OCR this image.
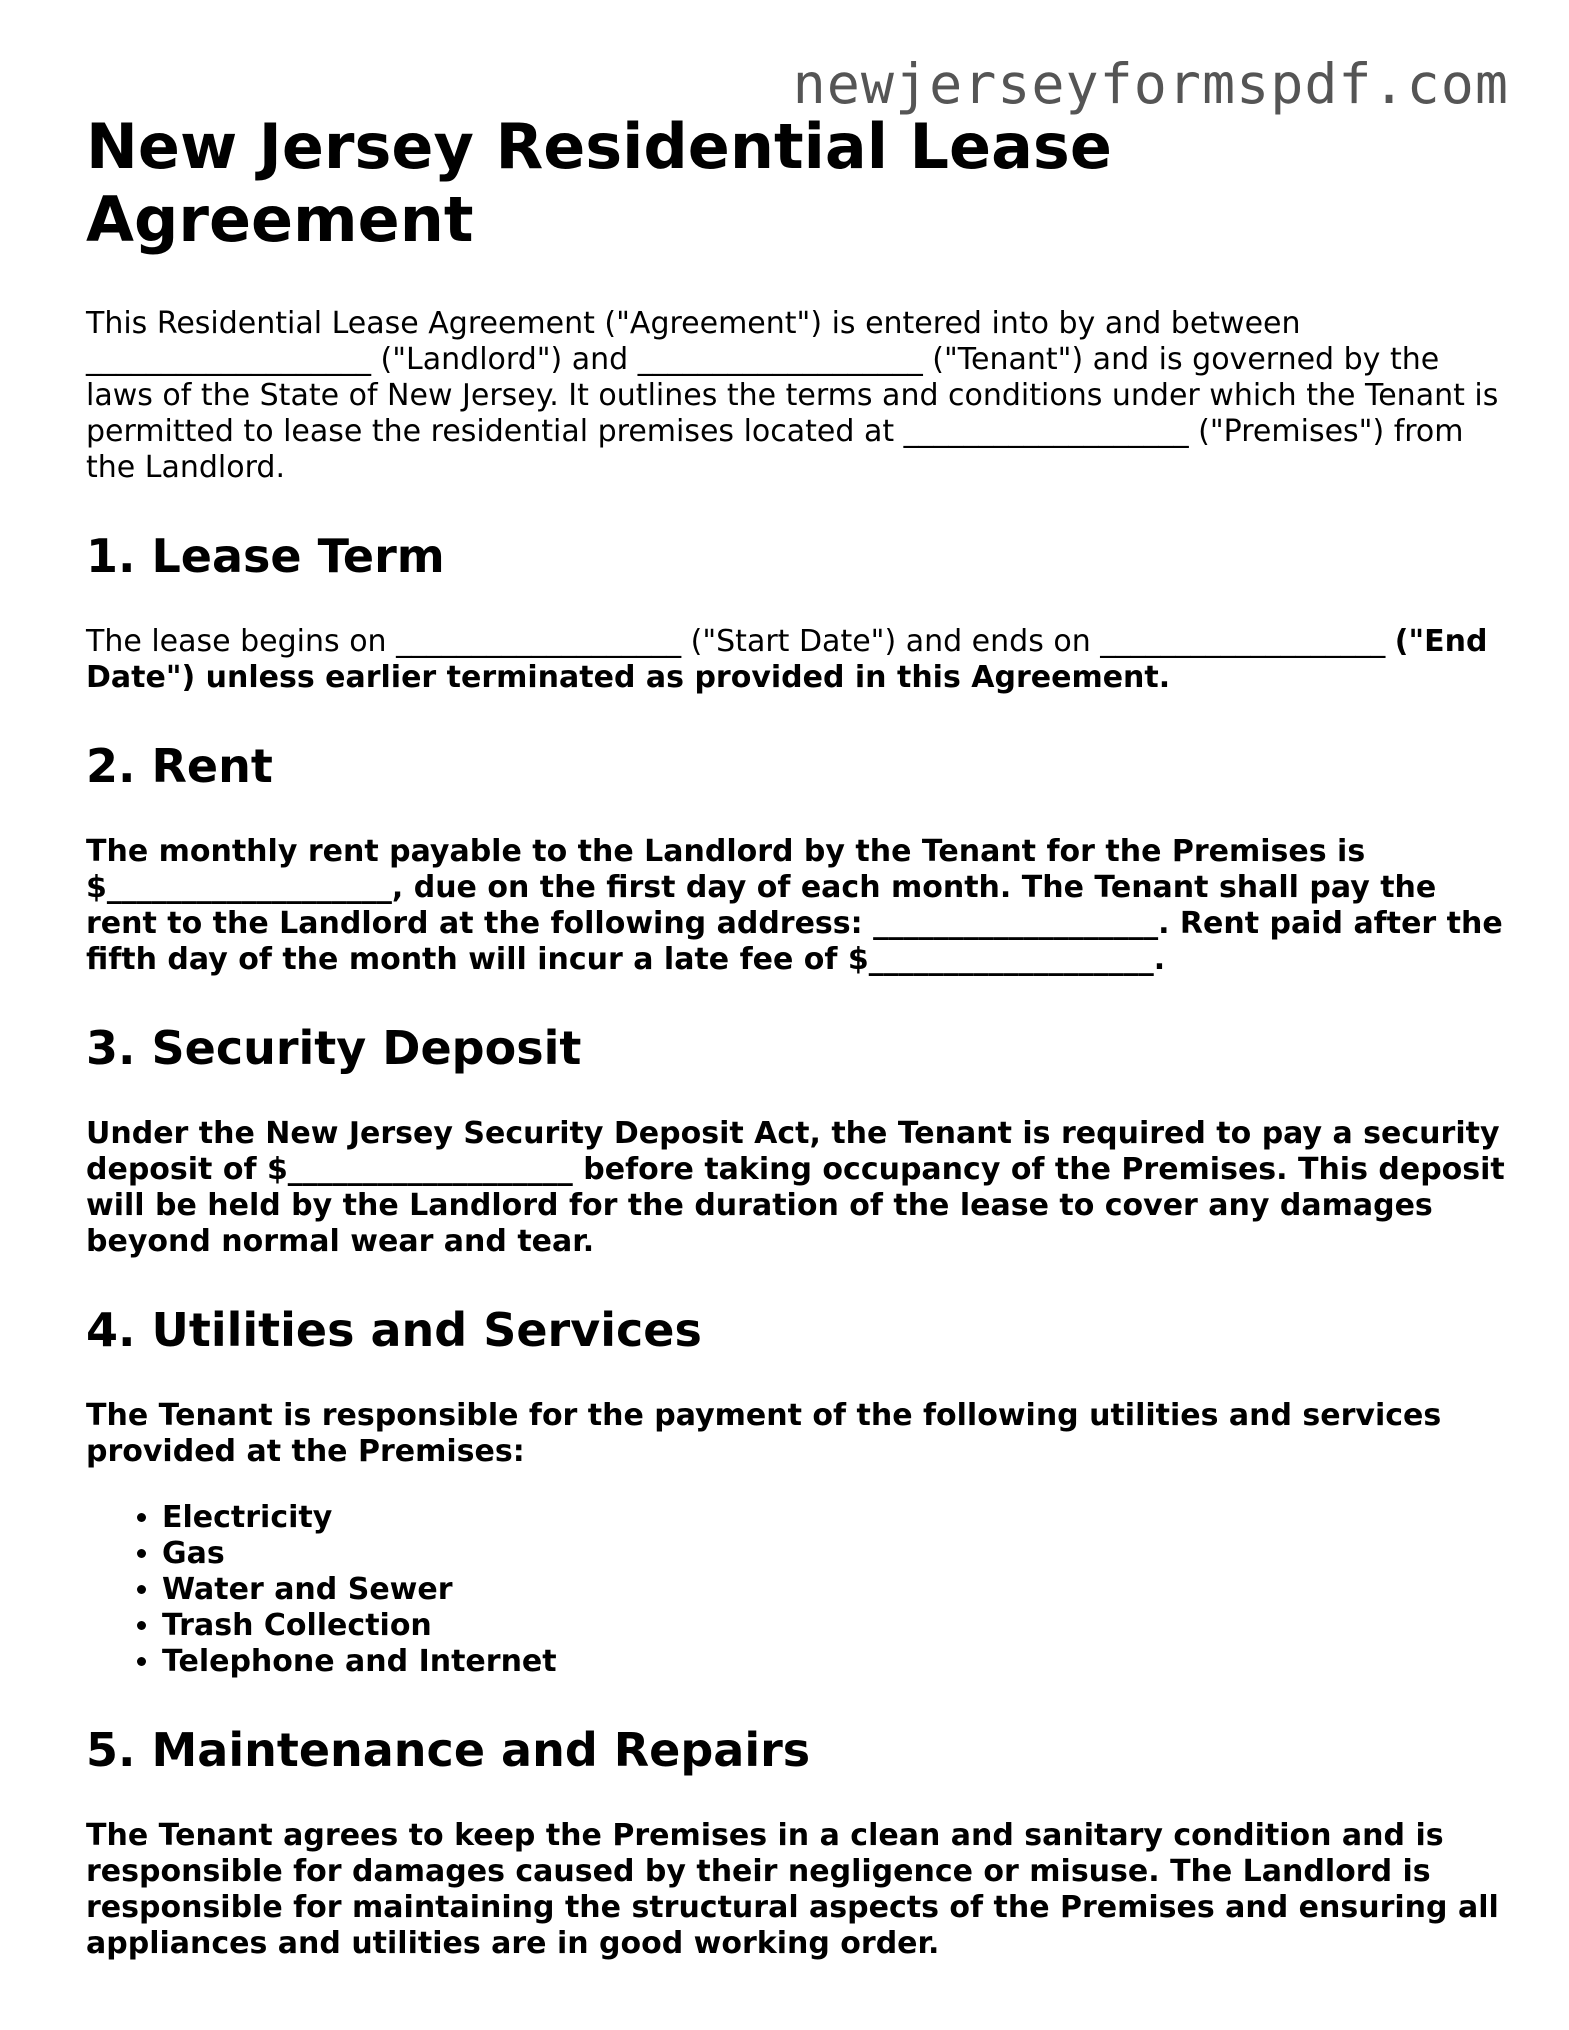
newjerseyformspdf.com
New Jersey Residential Lease Agreement

This Residential Lease Agreement ("Agreement") is entered into by and between ___________________ ("Landlord") and ___________________ ("Tenant") and is governed by the laws of the State of New Jersey. It outlines the terms and conditions under which the Tenant is permitted to lease the residential premises located at ___________________ ("Premises") from the Landlord.

1. Lease Term

The lease begins on ___________________ ("Start Date") and ends on ___________________ ("End Date") unless earlier terminated as provided in this Agreement.

2. Rent

The monthly rent payable to the Landlord by the Tenant for the Premises is $___________________, due on the first day of each month. The Tenant shall pay the rent to the Landlord at the following address: ___________________. Rent paid after the fifth day of the month will incur a late fee of $___________________.

3. Security Deposit

Under the New Jersey Security Deposit Act, the Tenant is required to pay a security deposit of $___________________ before taking occupancy of the Premises. This deposit will be held by the Landlord for the duration of the lease to cover any damages beyond normal wear and tear.

4. Utilities and Services

The Tenant is responsible for the payment of the following utilities and services provided at the Premises:

• Electricity
• Gas
• Water and Sewer
• Trash Collection
• Telephone and Internet
5. Maintenance and Repairs

The Tenant agrees to keep the Premises in a clean and sanitary condition and is responsible for damages caused by their negligence or misuse. The Landlord is responsible for maintaining the structural aspects of the Premises and ensuring all appliances and utilities are in good working order.
